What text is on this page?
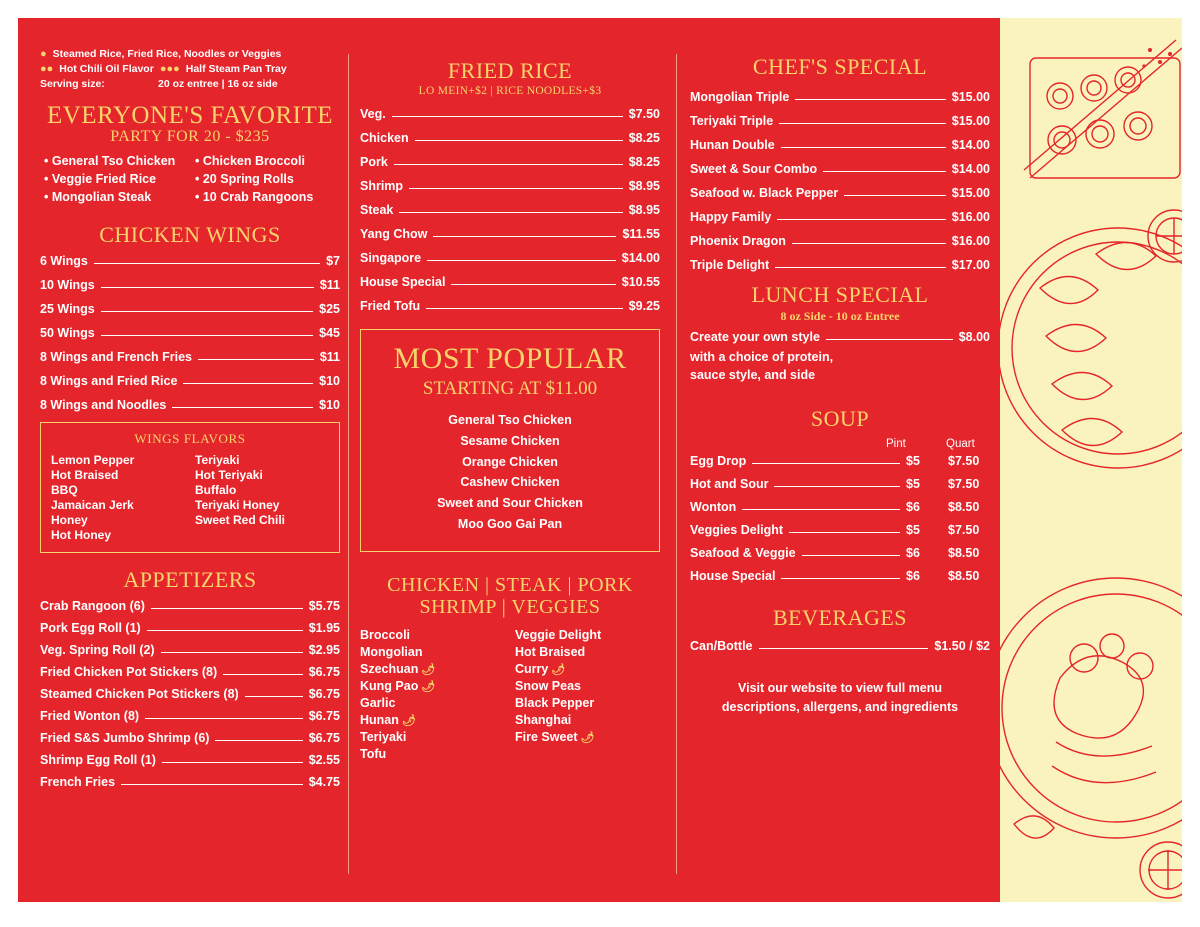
● Steamed Rice, Fried Rice, Noodles or Veggies
●● Hot Chili Oil Flavor ●●● Half Steam Pan Tray
Serving size:	20 oz entree | 16 oz side
EVERYONE'S FAVORITE
PARTY FOR 20 - $235
• General Tso Chicken	• Chicken Broccoli
• Veggie Fried Rice	• 20 Spring Rolls
• Mongolian Steak	• 10 Crab Rangoons
CHICKEN WINGS
6 Wings	$7
10 Wings	$11
25 Wings	$25
50 Wings	$45
8 Wings and French Fries	$11
8 Wings and Fried Rice	$10
8 Wings and Noodles	$10
WINGS FLAVORS
Lemon Pepper	Teriyaki
Hot Braised	Hot Teriyaki
BBQ	Buffalo
Jamaican Jerk	Teriyaki Honey
Honey	Sweet Red Chili
Hot Honey
APPETIZERS
Crab Rangoon (6)	$5.75
Pork Egg Roll (1)	$1.95
Veg. Spring Roll (2)	$2.95
Fried Chicken Pot Stickers (8)	$6.75
Steamed Chicken Pot Stickers (8)	$6.75
Fried Wonton (8)	$6.75
Fried S&S Jumbo Shrimp (6)	$6.75
Shrimp Egg Roll (1)	$2.55
French Fries	$4.75
FRIED RICE
LO MEIN+$2 | RICE NOODLES+$3
Veg.	$7.50
Chicken	$8.25
Pork	$8.25
Shrimp	$8.95
Steak	$8.95
Yang Chow	$11.55
Singapore	$14.00
House Special	$10.55
Fried Tofu	$9.25
MOST POPULAR
STARTING AT $11.00
General Tso Chicken
Sesame Chicken
Orange Chicken
Cashew Chicken
Sweet and Sour Chicken
Moo Goo Gai Pan
CHICKEN | STEAK | PORK
SHRIMP | VEGGIES
Broccoli	Veggie Delight
Mongolian	Hot Braised
Szechuan 🌶	Curry 🌶
Kung Pao 🌶	Snow Peas
Garlic	Black Pepper
Hunan 🌶	Shanghai
Teriyaki	Fire Sweet 🌶
Tofu
CHEF'S SPECIAL
Mongolian Triple	$15.00
Teriyaki Triple	$15.00
Hunan Double	$14.00
Sweet & Sour Combo	$14.00
Seafood w. Black Pepper	$15.00
Happy Family	$16.00
Phoenix Dragon	$16.00
Triple Delight	$17.00
LUNCH SPECIAL
8 oz Side - 10 oz Entree
Create your own style	$8.00
with a choice of protein,
sauce style, and side
SOUP
Pint	Quart
Egg Drop	$5	$7.50
Hot and Sour	$5	$7.50
Wonton	$6	$8.50
Veggies Delight	$5	$7.50
Seafood & Veggie	$6	$8.50
House Special	$6	$8.50
BEVERAGES
Can/Bottle	$1.50 / $2
Visit our website to view full menu
descriptions, allergens, and ingredients
